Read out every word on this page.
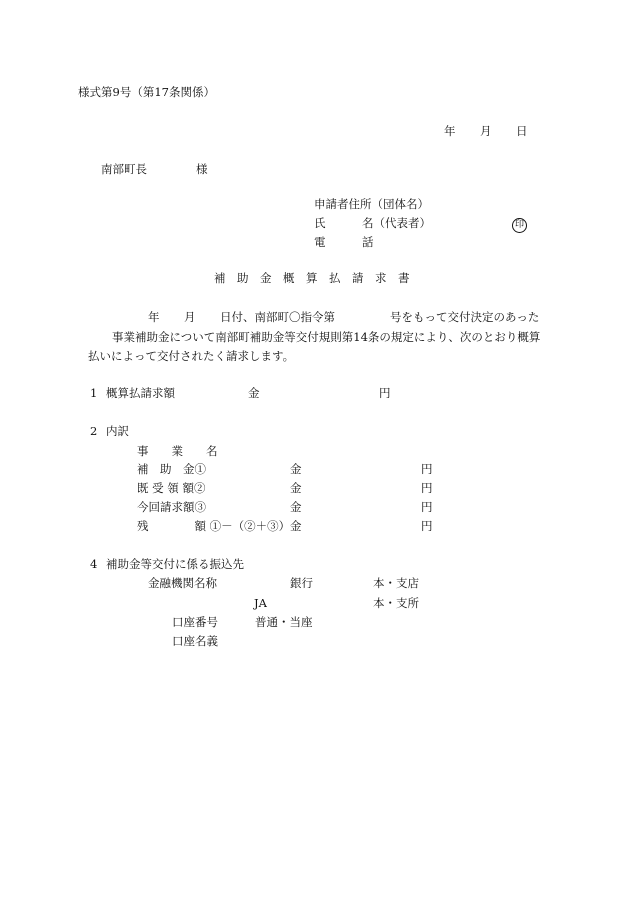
様式第9号（第17条関係）
年 月 日
南部町長	様
申請者住所（団体名）
氏	名（代表者）	印
電	話
補　助　金　概　算　払　請　求　書
年 月 日付、南部町〇指令第	号をもって交付決定のあった
事業補助金について南部町補助金等交付規則第14条の規定により、次のとおり概算
払いによって交付されたく請求します。
1 概算払請求額	金	円
2 内訳
事　　業　　名
補　助　金①	金	円
既 受 領 額②	金	円
今回請求額③	金	円
残　　　　額 ①－（②＋③） 金	円
4 補助金等交付に係る振込先
金融機関名称	銀行	本・支店
JA	本・支所
口座番号	普通・当座
口座名義
